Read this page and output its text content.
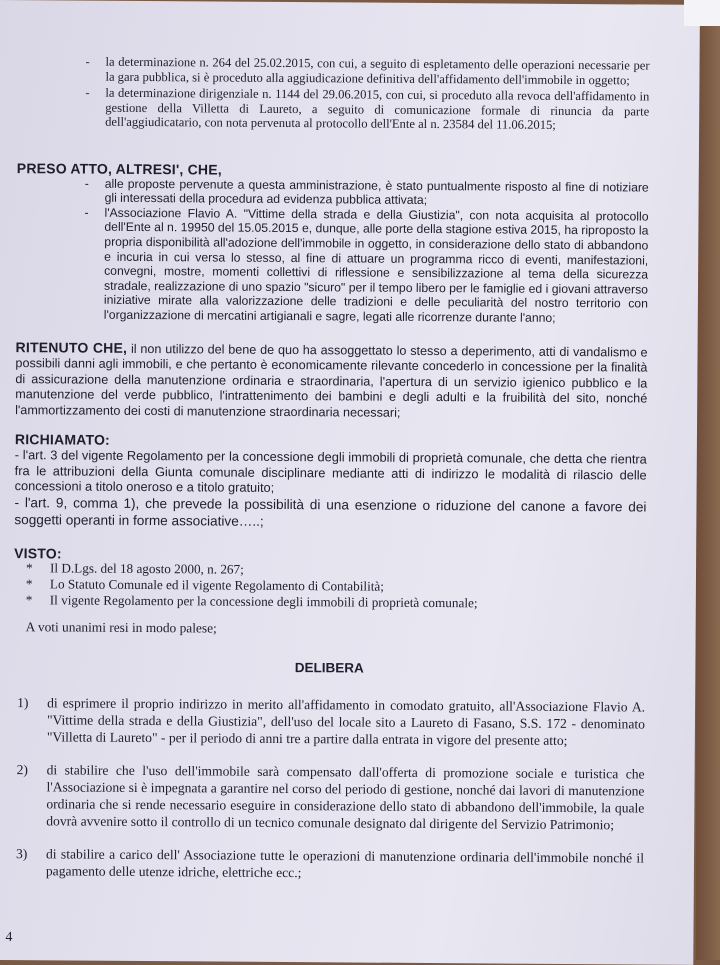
- la determinazione n. 264 del 25.02.2015, con cui, a seguito di espletamento delle operazioni necessarie per la gara pubblica, si è proceduto alla aggiudicazione definitiva dell'affidamento dell'immobile in oggetto;
- la determinazione dirigenziale n. 1144 del 29.06.2015, con cui, si proceduto alla revoca dell'affidamento in gestione della Villetta di Laureto, a seguito di comunicazione formale di rinuncia da parte dell'aggiudicatario, con nota pervenuta al protocollo dell'Ente al n. 23584 del 11.06.2015;

PRESO ATTO, ALTRESI', CHE,

- alle proposte pervenute a questa amministrazione, è stato puntualmente risposto al fine di notiziare gli interessati della procedura ad evidenza pubblica attivata;
- l'Associazione Flavio A. "Vittime della strada e della Giustizia", con nota acquisita al protocollo dell'Ente al n. 19950 del 15.05.2015 e, dunque, alle porte della stagione estiva 2015, ha riproposto la propria disponibilità all'adozione dell'immobile in oggetto, in considerazione dello stato di abbandono e incuria in cui versa lo stesso, al fine di attuare un programma ricco di eventi, manifestazioni, convegni, mostre, momenti collettivi di riflessione e sensibilizzazione al tema della sicurezza stradale, realizzazione di uno spazio "sicuro" per il tempo libero per le famiglie ed i giovani attraverso iniziative mirate alla valorizzazione delle tradizioni e delle peculiarità del nostro territorio con l'organizzazione di mercatini artigianali e sagre, legati alle ricorrenze durante l'anno;

RITENUTO CHE, il non utilizzo del bene de quo ha assoggettato lo stesso a deperimento, atti di vandalismo e possibili danni agli immobili, e che pertanto è economicamente rilevante concederlo in concessione per la finalità di assicurazione della manutenzione ordinaria e straordinaria, l'apertura di un servizio igienico pubblico e la manutenzione del verde pubblico, l'intrattenimento dei bambini e degli adulti e la fruibilità del sito, nonché l'ammortizzamento dei costi di manutenzione straordinaria necessari;

RICHIAMATO:

- l'art. 3 del vigente Regolamento per la concessione degli immobili di proprietà comunale, che detta che rientra fra le attribuzioni della Giunta comunale disciplinare mediante atti di indirizzo le modalità di rilascio delle concessioni a titolo oneroso e a titolo gratuito;

- l'art. 9, comma 1), che prevede la possibilità di una esenzione o riduzione del canone a favore dei soggetti operanti in forme associative…..;

VISTO:

* Il D.Lgs. del 18 agosto 2000, n. 267;
* Lo Statuto Comunale ed il vigente Regolamento di Contabilità;
* Il vigente Regolamento per la concessione degli immobili di proprietà comunale;

A voti unanimi resi in modo palese;

DELIBERA

1) di esprimere il proprio indirizzo in merito all'affidamento in comodato gratuito, all'Associazione Flavio A. "Vittime della strada e della Giustizia", dell'uso del locale sito a Laureto di Fasano, S.S. 172 - denominato "Villetta di Laureto" - per il periodo di anni tre a partire dalla entrata in vigore del presente atto;
2) di stabilire che l'uso dell'immobile sarà compensato dall'offerta di promozione sociale e turistica che l'Associazione si è impegnata a garantire nel corso del periodo di gestione, nonché dai lavori di manutenzione ordinaria che si rende necessario eseguire in considerazione dello stato di abbandono dell'immobile, la quale dovrà avvenire sotto il controllo di un tecnico comunale designato dal dirigente del Servizio Patrimonio;
3) di stabilire a carico dell' Associazione tutte le operazioni di manutenzione ordinaria dell'immobile nonché il pagamento delle utenze idriche, elettriche ecc.;
4
